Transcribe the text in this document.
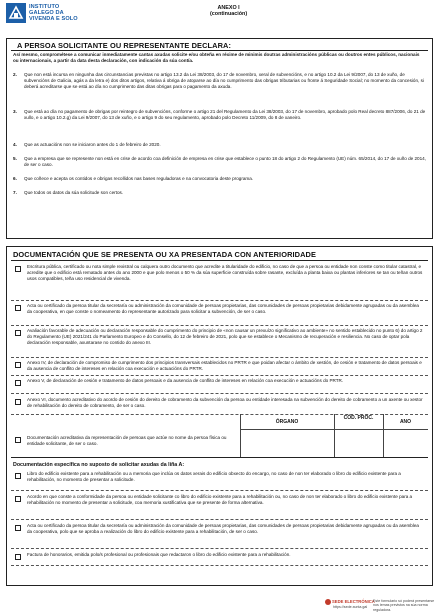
INSTITUTO
GALEGO DA
VIVENDA E SOLO
ANEXO I
(continuación)
A PERSOA SOLICITANTE OU REPRESENTANTE DECLARA:
Así mesmo, comprométese a comunicar inmediatamente cantas axudas solicite e/ou obteña en réxime de minimis doutras administracións públicas ou doutros entes públicos, nacionais ou internacionais, a partir da data desta declaración, con indicación da súa contía.
2. Que non está incursa en ningunha das circunstancias previstas no artigo 13.2 da Lei 38/2003, do 17 de novembro, xeral de subvencións, e no artigo 10.2 da Lei 9/2007, do 13 de xuño, de subvencións de Galicia, agás a da letra e) dos ditos artigos, relativa á obriga de atoparse ao día no cumprimento das obrigas tributarias ou fronte á Seguridade Social; no momento da concesión, si deberá acreditarse que se está ao día no cumprimento das ditas obrigas para o pagamento da axuda.
3. Que está ao día no pagamento de obrigas por reintegro de subvencións, conforme o artigo 21 del Regulamento da Lei 38/2003, do 17 de novembro, aprobado polo Real decreto 887/2006, do 21 de xullo, e o artigo 10.2.g) da Lei 9/2007, do 13 de xuño, e o artigo 9 do seu regulamento, aprobado polo Decreto 11/2009, do 8 de xaneiro.
4. Que as actuacións non se iniciaron antes do 1 de febreiro de 2020.
5. Que a empresa que se represente non está en crise de acordo coa definición de empresa en crise que establece o punto 18 do artigo 2 do Regulamento (UE) núm. 65/2014, do 17 de xuño de 2014, de ser o caso.
6. Que coñece e acepta os contidos e obrigas recollidos nas bases reguladoras e na convocatoria deste programa.
7. Que todos os datos da súa solicitude son certos.
DOCUMENTACIÓN QUE SE PRESENTA OU XA PRESENTADA CON ANTERIORIDADE
Escritura pública, certificado ou nota simple rexistral ou calquera outro documento que acredite a titularidade do edificio, no caso de que a persoa ou entidade non conste como titular catastral, e acredite que o edificio está rematado antes do ano 2000 e que polo menos o 50 % da súa superficie construída sobre rasante, excluída a planta baixa ou plantas inferiores se tan ou teñan outros usos compatibles, teña uso residencial de vivenda.
Acta ou certificado da persoa titular da secretaría ou administración da comunidade de persoas propietarias, das comunidades de persoas propietarias debidamente agrupadas ou da asemblea da cooperativa, en que conste o nomeamento do representante autorizado para solicitar a subvención, de ser o caso.
Avaliación favorable de adecuación ou declaración responsable do cumprimento do principio de «non causar un prexuízo significativo ao ambiente» no sentido establecido no punto 6) do artigo 2 do Regulamento (UE) 2021/241 do Parlamento Europeo e do Consello, do 12 de febreiro de 2021, polo que se establece o Mecanismo de recuperación e resiliencia. No caso de optar pola declaración responsable, axuntarase no contido do anexo III.
Anexo IV, de declaración de compromiso de cumprimento dos principios transversais establecidos no PRTR e que poidan afectar o ámbito de xestión, de cesión e tratamento de datos persoais e da ausencia de conflito de intereses en relación coa execución e actuacións do PRTR.
Anexo V, de declaración de cesión e tratamento de datos persoais e da ausencia de conflito de intereses en relación coa execución e actuacións do PRTR.
Anexo VI, documento acreditativo do acordo de cesión do dereito de cobramento da subvención da persoa ou entidade interesada na subvención do dereito de cobramento a un axente ou xestor de rehabilitación do dereito de cobramento, de ser o caso.
ÓRGANO
CÓD. PROC.
ANO
Documentación acreditativa da representación de persoas que actúe no nome da persoa física ou entidade solicitante, de ser o caso.
Documentación específica no suposto de solicitar axudas da liña A:
Libro do edificio existente para a rehabilitación ou a memoria que inclúa os datos xerais do edificio obxecto do encargo, no caso de non ter elaborado o libro do edificio existente para a rehabilitación, no momento de presentar a solicitude.
Acordo en que conste a conformidade da persoa ou entidade solicitante co libro do edificio existente para a rehabilitación ou, no caso de non ter elaborado o libro do edificio existente para a rehabilitación no momento de presentar a solicitude, coa memoria xustificativa que se presente de forma alternativa.
Acta ou certificado da persoa titular da secretaría ou administración da comunidade de persoas propietarias, das comunidades de persoas propietarias debidamente agrupadas ou da asemblea da cooperativa, polo que se aproba a realización do libro do edificio existente para a rehabilitación, de ser o caso.
Factura de honorarios, emitida polo/s profesional ou profesionais que redactaron o libro do edificio existente para a rehabilitación.
SEDE ELECTRÓNICA
https://sede.xunta.gal
Este formulario só poderá presentarse nos lemas previstos na súa norma reguladora.
